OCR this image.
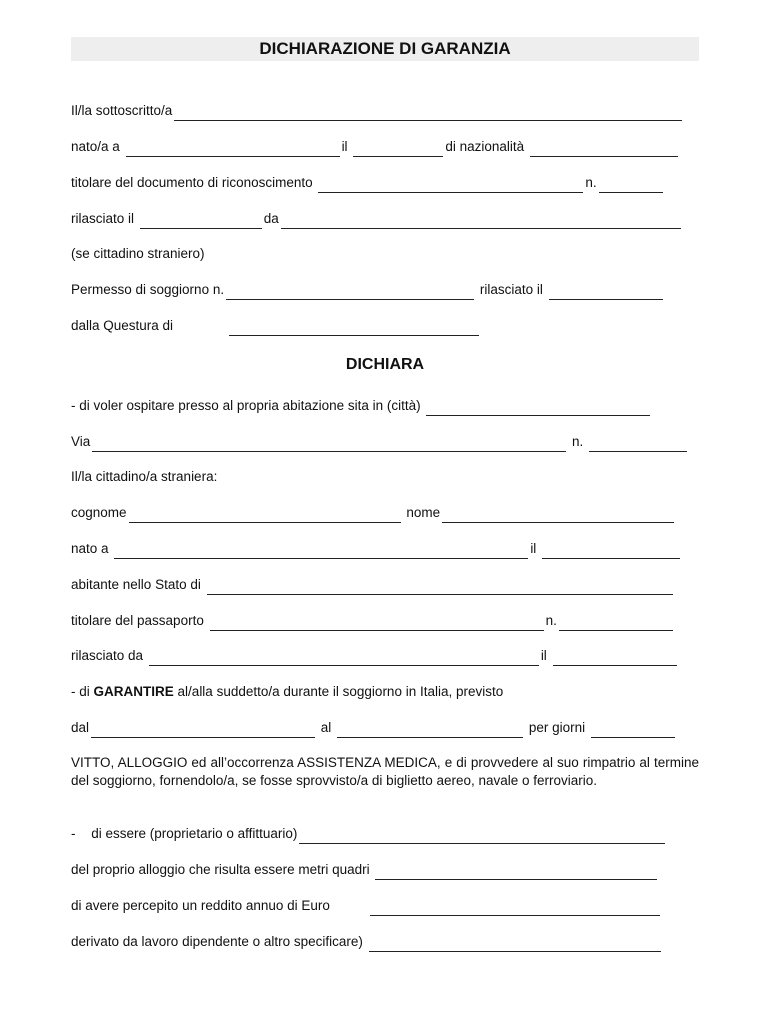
DICHIARAZIONE DI GARANZIA
Il/la sottoscritto/a
nato/a a	il	di nazionalità
titolare del documento di riconoscimento	n.
rilasciato il	da
(se cittadino straniero)
Permesso di soggiorno n.	rilasciato il
dalla Questura di
DICHIARA
- di voler ospitare presso al propria abitazione sita in (città)
Via	n.
Il/la cittadino/a straniera:
cognome	nome
nato a	il
abitante nello Stato di
titolare del passaporto	n.
rilasciato da	il
- di GARANTIRE al/alla suddetto/a durante il soggiorno in Italia, previsto
dal	al	per giorni
VITTO, ALLOGGIO ed all’occorrenza ASSISTENZA MEDICA, e di provvedere al suo rimpatrio al termine del soggiorno, fornendolo/a, se fosse sprovvisto/a di biglietto aereo, navale o ferroviario.
- di essere (proprietario o affittuario)
del proprio alloggio che risulta essere metri quadri
di avere percepito un reddito annuo di Euro
derivato da lavoro dipendente o altro specificare)
